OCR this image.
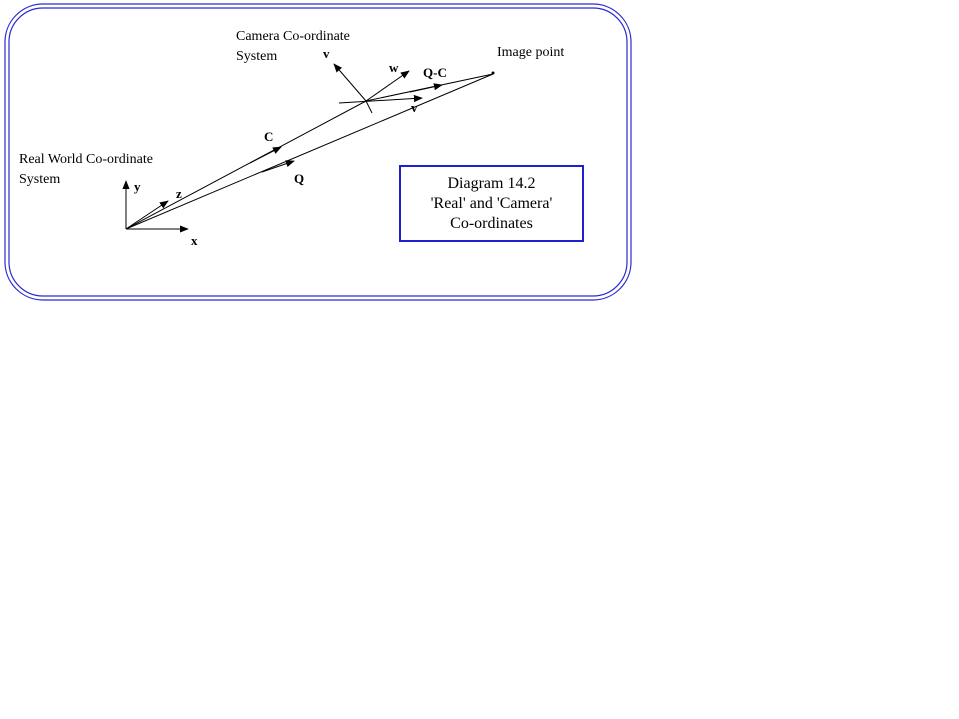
Camera Co-ordinate
System	Image point
Real World Co-ordinate
System
Q-C
C
Q
x
y	z
v
w
v
Diagram 14.2
'Real' and 'Camera'
Co-ordinates
